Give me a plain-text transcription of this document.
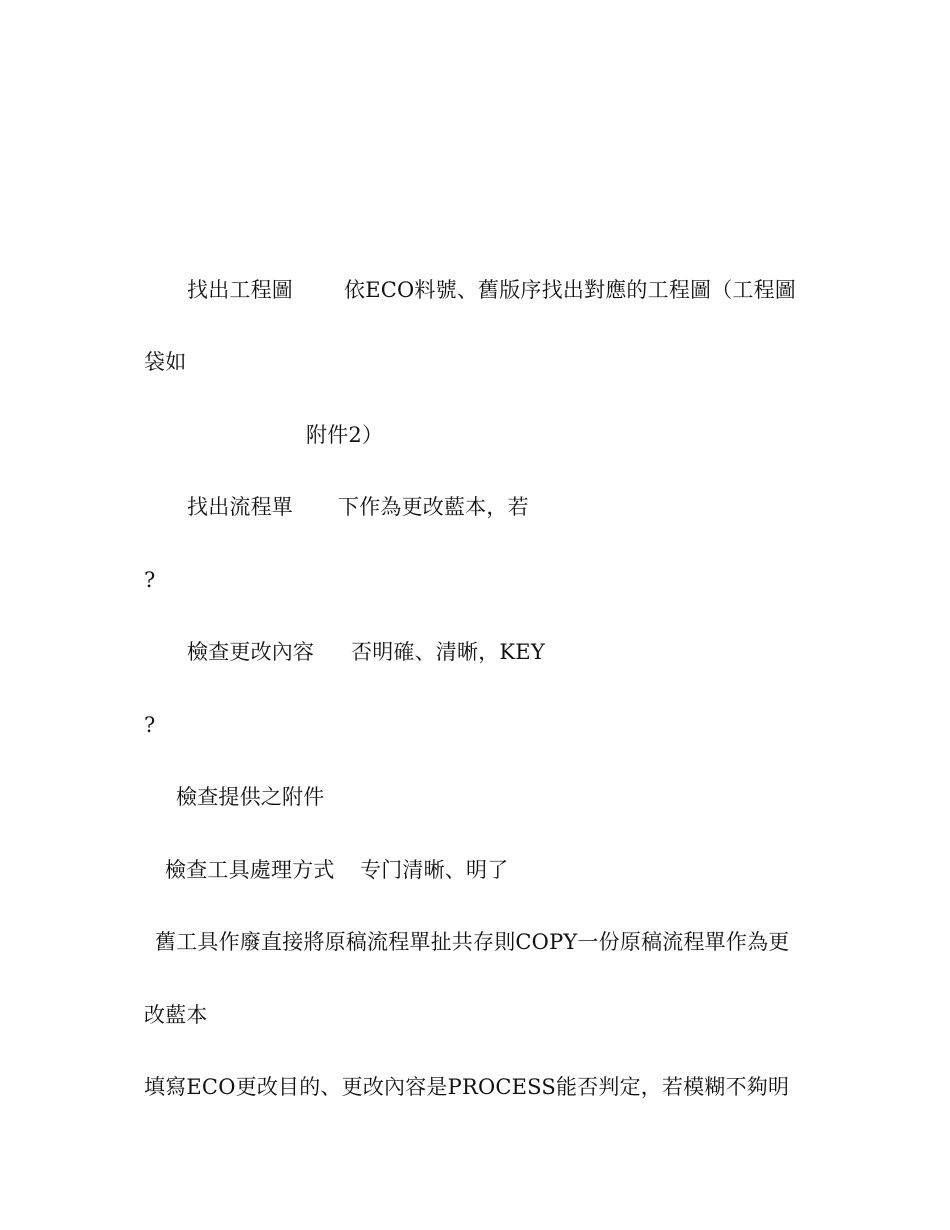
找出工程圖

依ECO料號、舊版序找出對應的工程圖（工程圖

袋如

附件2）

找出流程單

下作為更改藍本，若

?

檢查更改內容

否明確、清晰，KEY

?

檢查提供之附件

檢查工具處理方式

专门清晰、明了

舊工具作廢直接將原稿流程單扯共存則COPY一份原稿流程單作為更

改藍本

填寫ECO更改目的、更改內容是PROCESS能否判定，若模糊不夠明
